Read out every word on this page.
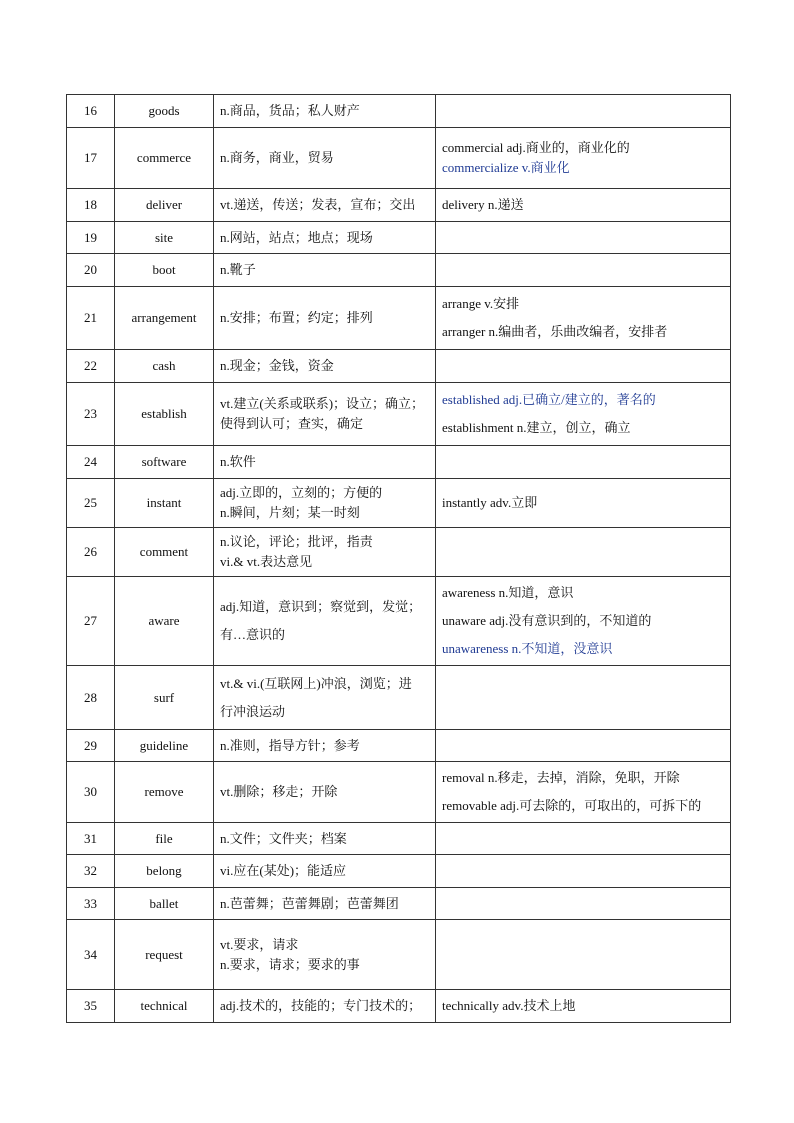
16	goods	n.商品，货品；私人财产	

17	commerce	n.商务，商业，贸易	commercial adj.商业的，商业化的
commercialize v.商业化

18	deliver	vt.递送，传送；发表，宣布；交出	delivery n.递送

19	site	n.网站，站点；地点；现场	

20	boot	n.靴子	

21	arrangement	n.安排；布置；约定；排列	arrange v.安排
arranger n.编曲者，乐曲改编者，安排者

22	cash	n.现金；金钱，资金	

23	establish	vt.建立(关系或联系)；设立；确立；
使得到认可；查实，确定	established adj.已确立/建立的，著名的
establishment n.建立，创立，确立

24	software	n.软件	

25	instant	adj.立即的，立刻的；方便的
n.瞬间，片刻；某一时刻	instantly adv.立即

26	comment	n.议论，评论；批评，指责
vi.& vt.表达意见	

27	aware	adj.知道，意识到；察觉到，发觉；
有…意识的	awareness n.知道，意识
unaware adj.没有意识到的，不知道的
unawareness n.不知道，没意识

28	surf	vt.& vi.(互联网上)冲浪，浏览；进
行冲浪运动	

29	guideline	n.准则，指导方针；参考	

30	remove	vt.删除；移走；开除	removal n.移走，去掉，消除，免职，开除
removable adj.可去除的，可取出的，可拆下的

31	file	n.文件；文件夹；档案	

32	belong	vi.应在(某处)；能适应	

33	ballet	n.芭蕾舞；芭蕾舞剧；芭蕾舞团	

34	request	vt.要求，请求
n.要求，请求；要求的事	

35	technical	adj.技术的，技能的；专门技术的；	technically adv.技术上地
